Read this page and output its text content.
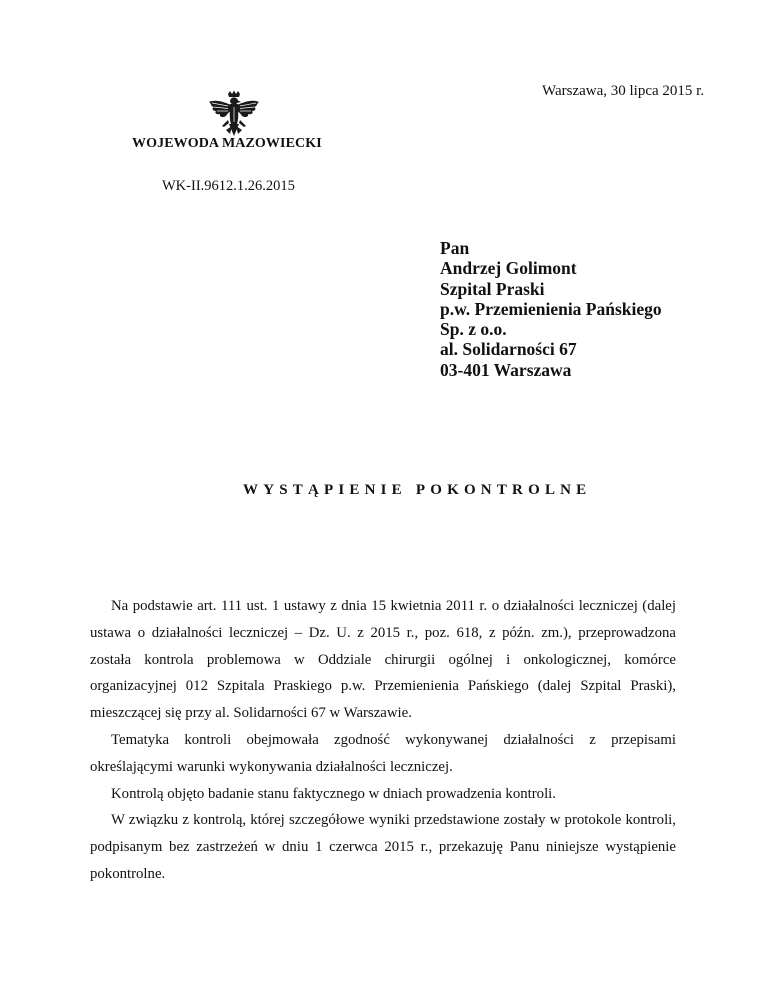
Warszawa, 30 lipca 2015 r.
WOJEWODA MAZOWIECKI
WK-II.9612.1.26.2015
Pan
Andrzej Golimont
Szpital Praski
p.w. Przemienienia Pańskiego
Sp. z o.o.
al. Solidarności 67
03-401 Warszawa
WYSTĄPIENIE POKONTROLNE

Na podstawie art. 111 ust. 1 ustawy z dnia 15 kwietnia 2011 r. o działalności leczniczej (dalej ustawa o działalności leczniczej – Dz. U. z 2015 r., poz. 618, z późn. zm.), przeprowadzona została kontrola problemowa w Oddziale chirurgii ogólnej i onkologicznej, komórce organizacyjnej 012 Szpitala Praskiego p.w. Przemienienia Pańskiego (dalej Szpital Praski), mieszczącej się przy al. Solidarności 67 w Warszawie.

Tematyka kontroli obejmowała zgodność wykonywanej działalności z przepisami określającymi warunki wykonywania działalności leczniczej.

Kontrolą objęto badanie stanu faktycznego w dniach prowadzenia kontroli.

W związku z kontrolą, której szczegółowe wyniki przedstawione zostały w protokole kontroli, podpisanym bez zastrzeżeń w dniu 1 czerwca 2015 r., przekazuję Panu niniejsze wystąpienie pokontrolne.
